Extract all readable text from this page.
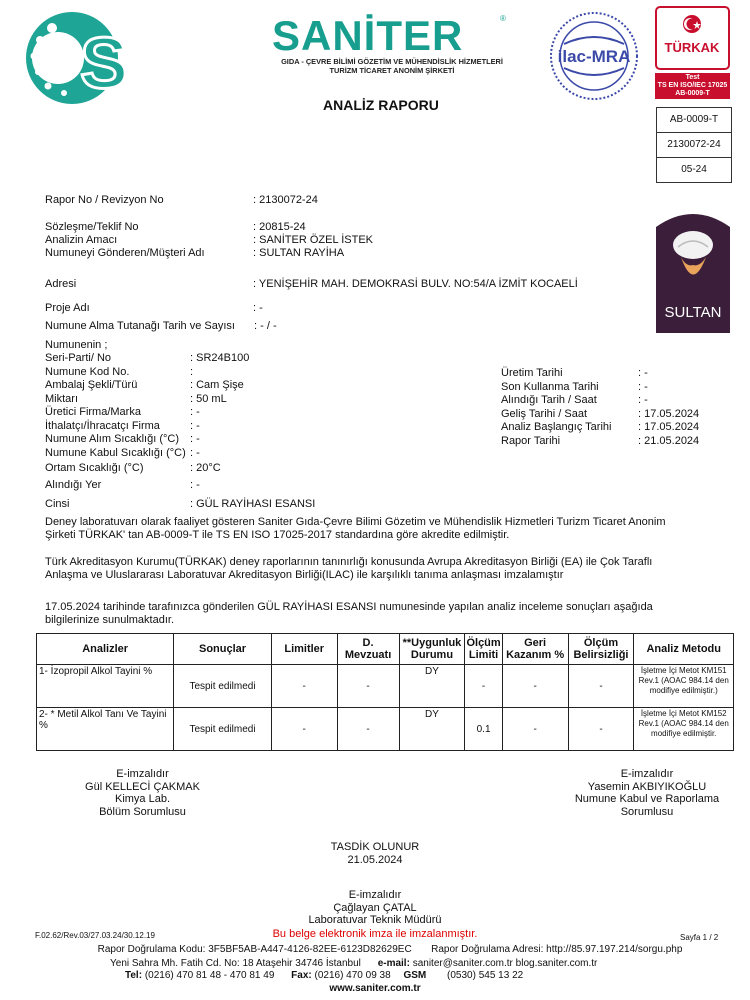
S	SANİTER	®
GIDA - ÇEVRE BİLİMİ GÖZETİM VE MÜHENDİSLİK HİZMETLERİ TURİZM TİCARET ANONİM ŞİRKETİ
ilac-MRA	TÜRKAK
Test
TS EN ISO/IEC 17025
AB-0009-T
AB-0009-T
2130072-24
05-24
SULTAN
ANALİZ RAPORU
Rapor No / Revizyon No	: 2130072-24
Sözleşme/Teklif No	: 20815-24
Analizin Amacı	: SANİTER ÖZEL İSTEK
Numuneyi Gönderen/Müşteri Adı	: SULTAN RAYİHA
Adresi	: YENİŞEHİR MAH. DEMOKRASİ BULV. NO:54/A İZMİT KOCAELİ
Proje Adı	: -
Numune Alma Tutanağı Tarih ve Sayısı : - / -
Numunenin ;
Seri-Parti/ No	: SR24B100
Numune Kod No.	:
Ambalaj Şekli/Türü	: Cam Şişe
Miktarı	: 50 mL
Üretici Firma/Marka	: -
İthalatçı/İhracatçı Firma	: -
Numune Alım Sıcaklığı (°C) : -
Numune Kabul Sıcaklığı (°C) : -
Ortam Sıcaklığı (°C)	: 20°C
Alındığı Yer	: -
Cinsi	: GÜL RAYİHASI ESANSI
Üretim Tarihi	: -
Son Kullanma Tarihi	: -
Alındığı Tarih / Saat	: -
Geliş Tarihi / Saat	: 17.05.2024
Analiz Başlangıç Tarihi : 17.05.2024
Rapor Tarihi	: 21.05.2024
Deney laboratuvarı olarak faaliyet gösteren Saniter Gıda-Çevre Bilimi Gözetim ve Mühendislik Hizmetleri Turizm Ticaret Anonim Şirketi TÜRKAK' tan AB-0009-T ile TS EN ISO 17025-2017 standardına göre akredite edilmiştir.
Türk Akreditasyon Kurumu(TÜRKAK) deney raporlarının tanınırlığı konusunda Avrupa Akreditasyon Birliği (EA) ile Çok Taraflı Anlaşma ve Uluslararası Laboratuvar Akreditasyon Birliği(ILAC) ile karşılıklı tanıma anlaşması imzalamıştır
17.05.2024 tarihinde tarafınızca gönderilen GÜL RAYİHASI ESANSI numunesinde yapılan analiz inceleme sonuçları aşağıda bilgilerinize sunulmaktadır.
Analizler	Sonuçlar	Limitler	D. Mevzuatı	**Uygunluk Durumu	Ölçüm Limiti	Geri Kazanım %	Ölçüm Belirsizliği	Analiz Metodu
1- İzopropil Alkol Tayini %	Tespit edilmedi	-	-	DY	-	-	-	İşletme İçi Metot KM151 Rev.1 (AOAC 984.14 den modifiye edilmiştir.)
2- * Metil Alkol Tanı Ve Tayini %	Tespit edilmedi	-	-	DY	0.1	-	-	İşletme İçi Metot KM152 Rev.1 (AOAC 984.14 den modifiye edilmiştir.
E-imzalıdır
Gül KELLECİ ÇAKMAK
Kimya Lab.
Bölüm Sorumlusu
E-imzalıdır
Yasemin AKBIYIKOĞLU
Numune Kabul ve Raporlama
Sorumlusu
TASDİK OLUNUR
21.05.2024
E-imzalıdır
Çağlayan ÇATAL
Laboratuvar Teknik Müdürü
F.02.62/Rev.03/27.03.24/30.12.19	Bu belge elektronik imza ile imzalanmıştır.	Sayfa 1 / 2
Rapor Doğrulama Kodu: 3F5BF5AB-A447-4126-82EE-6123D82629EC       Rapor Doğrulama Adresi: http://85.97.197.214/sorgu.php
Yeni Sahra Mh. Fatih Cd. No: 18 Ataşehir 34746 İstanbul e-mail: saniter@saniter.com.tr blog.saniter.com.tr
Tel: (0216) 470 81 48 - 470 81 49 Fax: (0216) 470 09 38 GSM (0530) 545 13 22
www.saniter.com.tr
